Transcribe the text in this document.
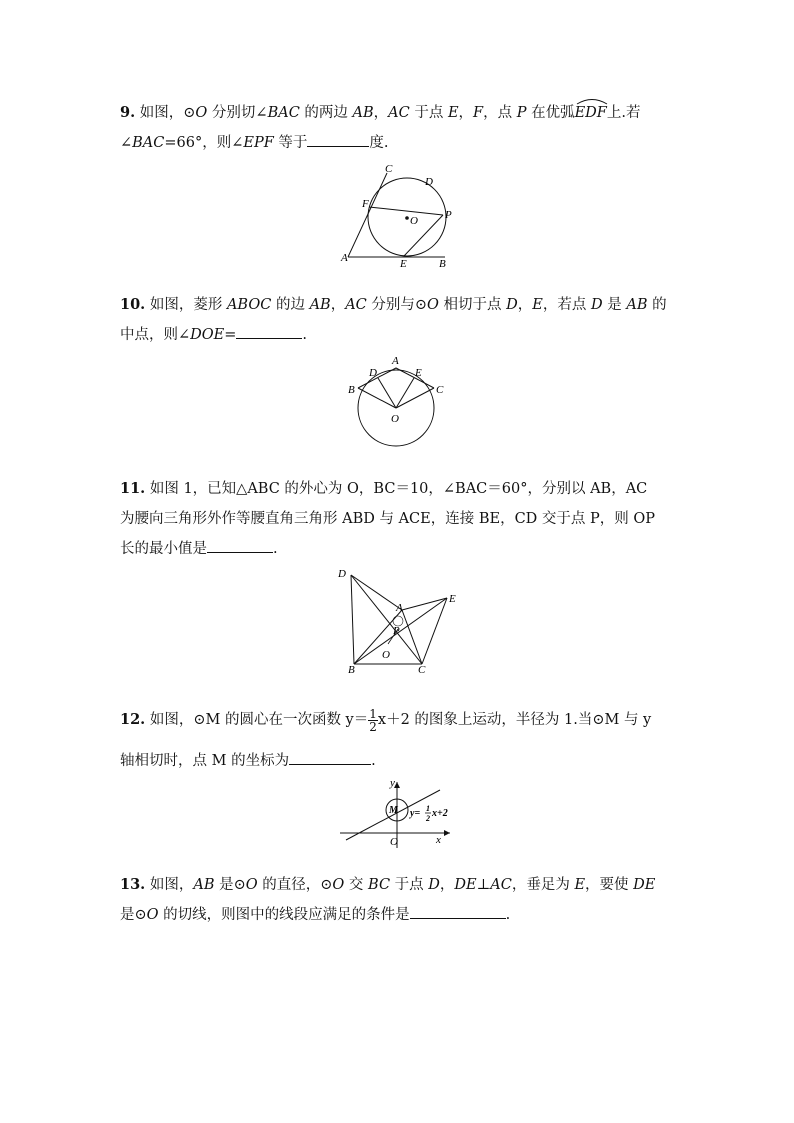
9. 如图，⊙O 分别切∠BAC 的两边 AB，AC 于点 E，F，点 P 在优弧
EDF上.若
∠BAC=66°，则∠EPF 等于	度.
C
D
F
O P
A	E	B
10. 如图，菱形 ABOC 的边 AB，AC 分别与⊙O 相切于点 D，E，若点 D 是 AB 的
中点，则∠DOE=	.
A
D	E
B	C
O
11. 如图 1，已知△ABC 的外心为 O，BC＝10，∠BAC＝60°，分别以 AB，AC
为腰向三角形外作等腰直角三角形 ABD 与 ACE，连接 BE，CD 交于点 P，则 OP
长的最小值是	.
D
E
A
P
O
B	C
12. 如图，⊙M 的圆心在一次函数 $y= \frac{1}{2} x+2$ 的图象上运动，半径为 1.当⊙M 与 y
轴相切时，点 M 的坐标为	.
y
M
O	x
y= 1
2 x+2
13. 如图，AB 是⊙O 的直径，⊙O 交 BC 于点 D，DE⊥AC，垂足为 E，要使 DE
是⊙O 的切线，则图中的线段应满足的条件是	.
